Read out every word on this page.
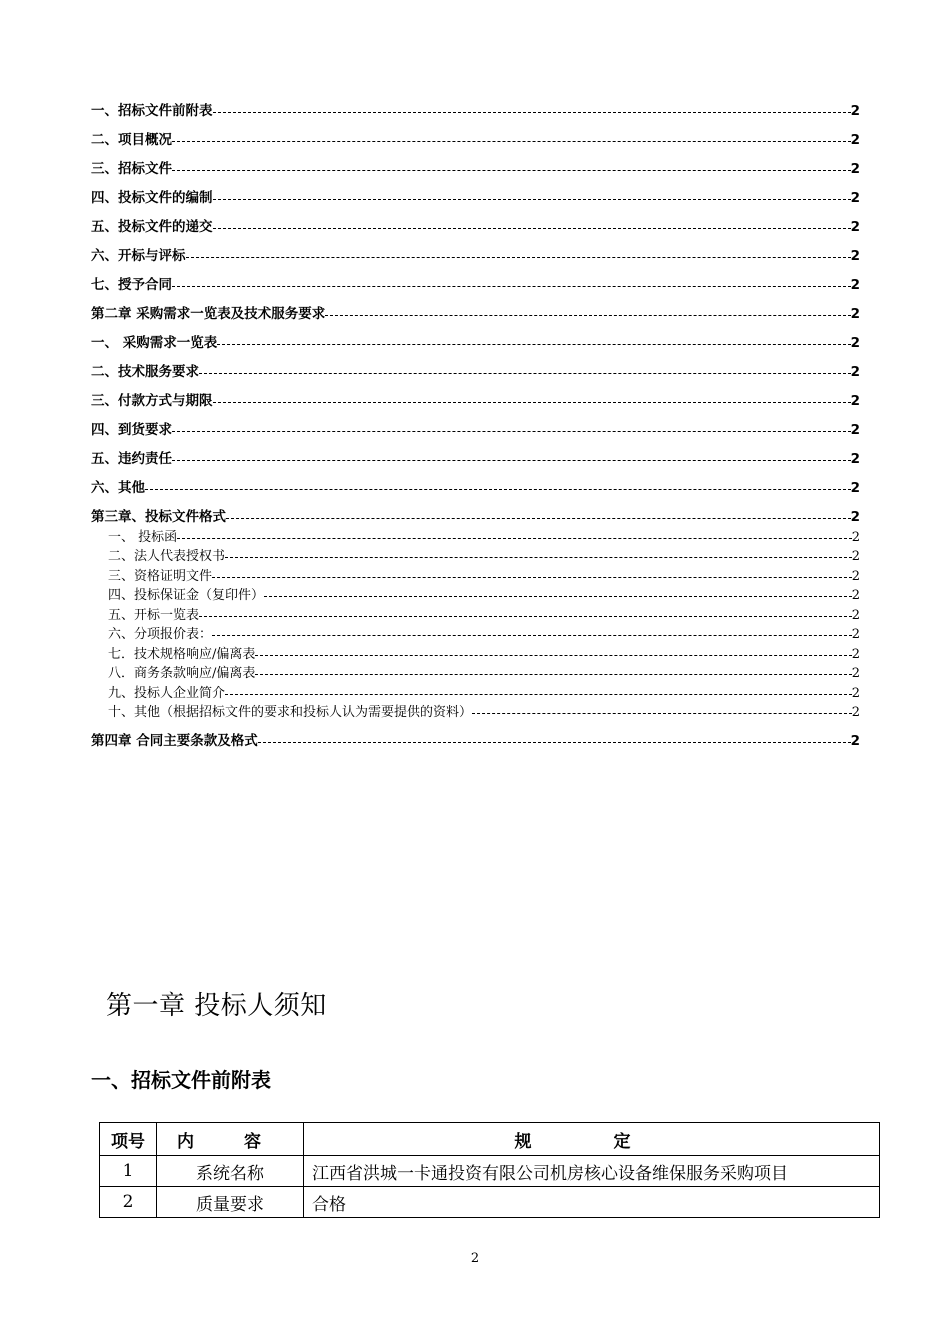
一、招标文件前附表	2
二、项目概况	2
三、招标文件	2
四、投标文件的编制	2
五、投标文件的递交	2
六、开标与评标	2
七、授予合同	2
第二章 采购需求一览表及技术服务要求	2
一、 采购需求一览表	2
二、技术服务要求	2
三、付款方式与期限	2
四、到货要求	2
五、违约责任	2
六、其他	2
第三章、投标文件格式	2
一、 投标函	2
二、法人代表授权书	2
三、资格证明文件	2
四、投标保证金（复印件）	2
五、开标一览表	2
六、分项报价表：	2
七．技术规格响应/偏离表	2
八．商务条款响应/偏离表	2
九、投标人企业简介	2
十、其他（根据招标文件的要求和投标人认为需要提供的资料）	2
第四章 合同主要条款及格式	2
第一章 投标人须知
一、招标文件前附表
项号	内 容	规 定
1	系统名称	江西省洪城一卡通投资有限公司机房核心设备维保服务采购项目
2	质量要求	合格
2
